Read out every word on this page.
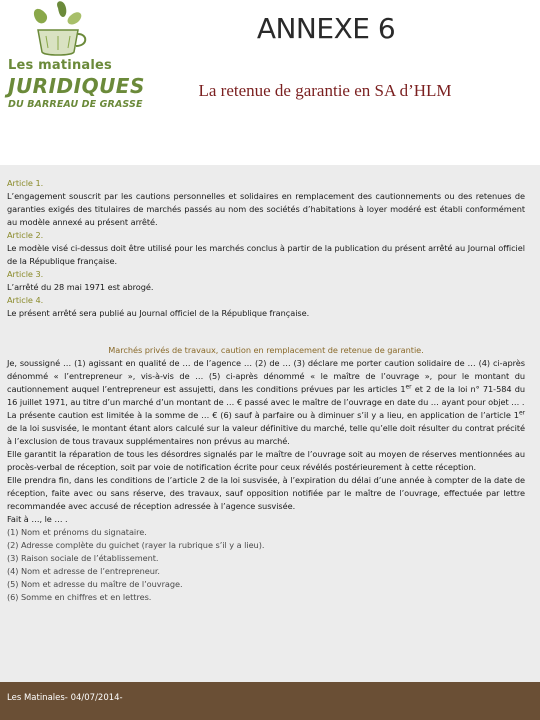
Les matinales
JURIDIQUES
DU BARREAU DE GRASSE
ANNEXE 6
La retenue de garantie en SA d’HLM
Article 1.
L’engagement souscrit par les cautions personnelles et solidaires en remplacement des cautionnements ou des retenues de garanties exigés des titulaires de marchés passés au nom des sociétés d’habitations à loyer modéré est établi conformément au modèle annexé au présent arrêté.
Article 2.
Le modèle visé ci-dessus doit être utilisé pour les marchés conclus à partir de la publication du présent arrêté au Journal officiel de la République française.
Article 3.
L’arrêté du 28 mai 1971 est abrogé.
Article 4.
Le présent arrêté sera publié au Journal officiel de la République française.
Marchés privés de travaux, caution en remplacement de retenue de garantie.
Je, soussigné … (1) agissant en qualité de … de l’agence … (2) de … (3) déclare me porter caution solidaire de … (4) ci-après dénommé « l’entrepreneur », vis-à-vis de … (5) ci-après dénommé « le maître de l’ouvrage », pour le montant du cautionnement auquel l’entrepreneur est assujetti, dans les conditions prévues par les articles 1er et 2 de la loi n° 71-584 du 16 juillet 1971, au titre d’un marché d’un montant de … € passé avec le maître de l’ouvrage en date du … ayant pour objet … .
La présente caution est limitée à la somme de … € (6) sauf à parfaire ou à diminuer s’il y a lieu, en application de l’article 1er de la loi susvisée, le montant étant alors calculé sur la valeur définitive du marché, telle qu’elle doit résulter du contrat précité à l’exclusion de tous travaux supplémentaires non prévus au marché.
Elle garantit la réparation de tous les désordres signalés par le maître de l’ouvrage soit au moyen de réserves mentionnées au procès-verbal de réception, soit par voie de notification écrite pour ceux révélés postérieurement à cette réception.
Elle prendra fin, dans les conditions de l’article 2 de la loi susvisée, à l’expiration du délai d’une année à compter de la date de réception, faite avec ou sans réserve, des travaux, sauf opposition notifiée par le maître de l’ouvrage, effectuée par lettre recommandée avec accusé de réception adressée à l’agence susvisée.
Fait à …, le … .
(1) Nom et prénoms du signataire.
(2) Adresse complète du guichet (rayer la rubrique s’il y a lieu).
(3) Raison sociale de l’établissement.
(4) Nom et adresse de l’entrepreneur.
(5) Nom et adresse du maître de l’ouvrage.
(6) Somme en chiffres et en lettres.
Les Matinales- 04/07/2014-
